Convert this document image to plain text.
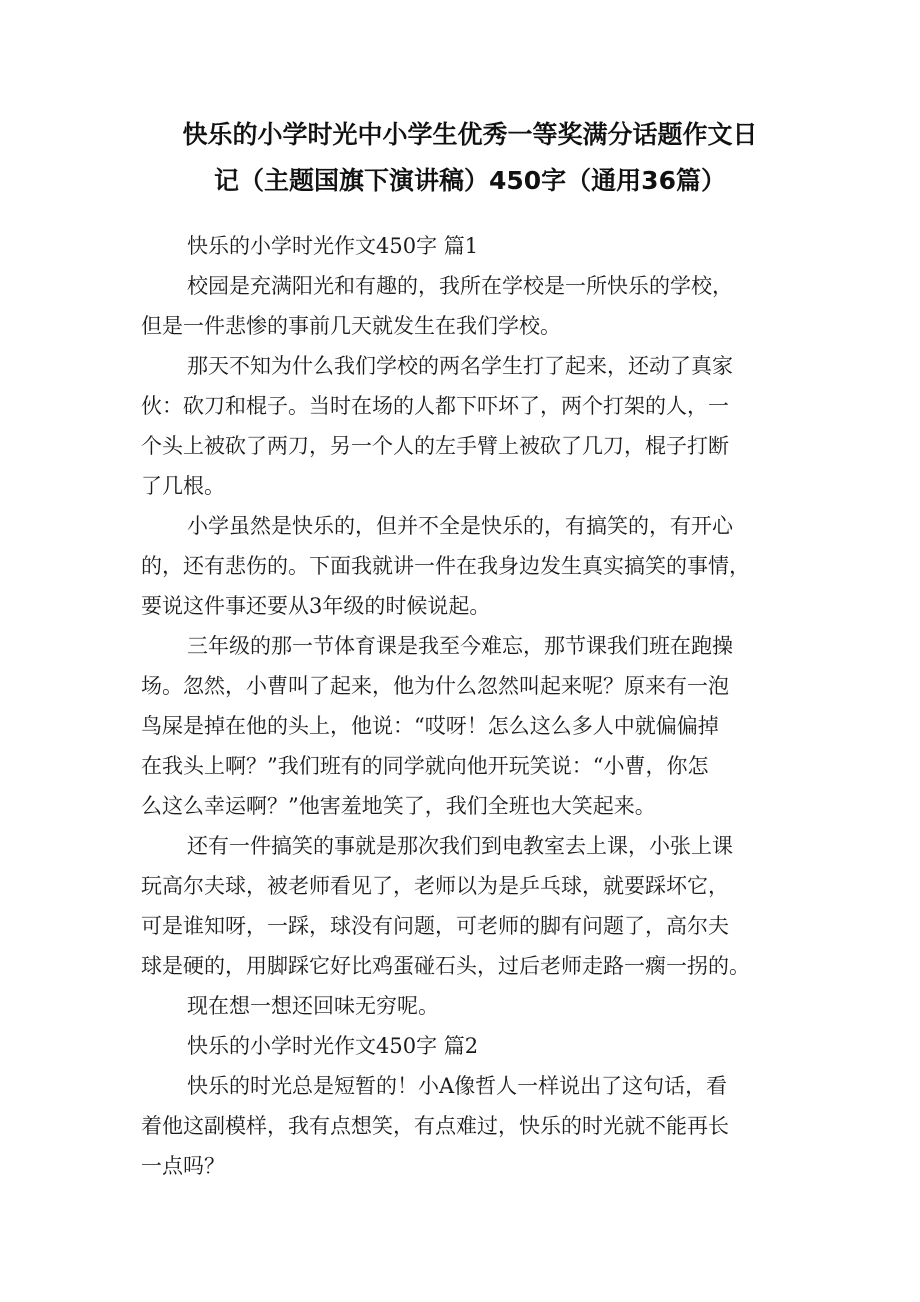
快乐的小学时光中小学生优秀一等奖满分话题作文日
记（主题国旗下演讲稿）450字（通用36篇）
快乐的小学时光作文450字 篇1
校园是充满阳光和有趣的，我所在学校是一所快乐的学校，
但是一件悲惨的事前几天就发生在我们学校。
那天不知为什么我们学校的两名学生打了起来，还动了真家
伙：砍刀和棍子。当时在场的人都下吓坏了，两个打架的人，一
个头上被砍了两刀，另一个人的左手臂上被砍了几刀，棍子打断
了几根。
小学虽然是快乐的，但并不全是快乐的，有搞笑的，有开心
的，还有悲伤的。下面我就讲一件在我身边发生真实搞笑的事情，
要说这件事还要从3年级的时候说起。
三年级的那一节体育课是我至今难忘，那节课我们班在跑操
场。忽然，小曹叫了起来，他为什么忽然叫起来呢？原来有一泡
鸟屎是掉在他的头上，他说：“哎呀！怎么这么多人中就偏偏掉
在我头上啊？”我们班有的同学就向他开玩笑说：“小曹，你怎
么这么幸运啊？”他害羞地笑了，我们全班也大笑起来。
还有一件搞笑的事就是那次我们到电教室去上课，小张上课
玩高尔夫球，被老师看见了，老师以为是乒乓球，就要踩坏它，
可是谁知呀，一踩，球没有问题，可老师的脚有问题了，高尔夫
球是硬的，用脚踩它好比鸡蛋碰石头，过后老师走路一瘸一拐的。
现在想一想还回味无穷呢。
快乐的小学时光作文450字 篇2
快乐的时光总是短暂的！小A像哲人一样说出了这句话，看
着他这副模样，我有点想笑，有点难过，快乐的时光就不能再长
一点吗？
